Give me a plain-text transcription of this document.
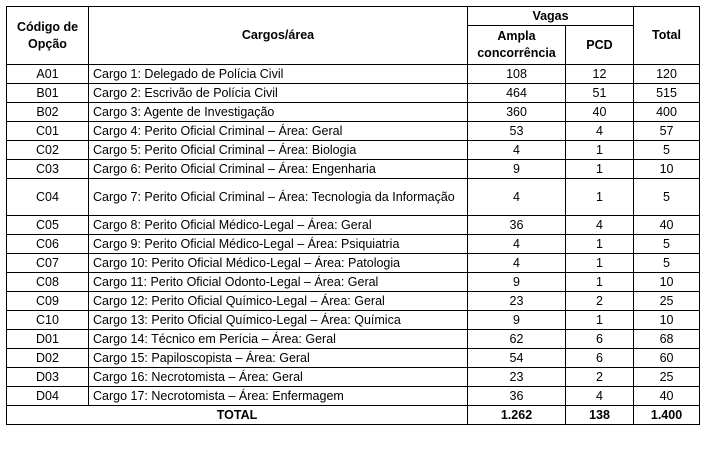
Código de Opção	Cargos/área	Vagas		Total
		Ampla concorrência	PCD	
A01	Cargo 1: Delegado de Polícia Civil	108	12	120
B01	Cargo 2: Escrivão de Polícia Civil	464	51	515
B02	Cargo 3: Agente de Investigação	360	40	400
C01	Cargo 4: Perito Oficial Criminal – Área: Geral	53	4	57
C02	Cargo 5: Perito Oficial Criminal – Área: Biologia	4	1	5
C03	Cargo 6: Perito Oficial Criminal – Área: Engenharia	9	1	10
C04	Cargo 7: Perito Oficial Criminal – Área: Tecnologia da Informação	4	1	5
C05	Cargo 8: Perito Oficial Médico-Legal – Área: Geral	36	4	40
C06	Cargo 9: Perito Oficial Médico-Legal – Área: Psiquiatria	4	1	5
C07	Cargo 10: Perito Oficial Médico-Legal – Área: Patologia	4	1	5
C08	Cargo 11: Perito Oficial Odonto-Legal – Área: Geral	9	1	10
C09	Cargo 12: Perito Oficial Químico-Legal – Área: Geral	23	2	25
C10	Cargo 13: Perito Oficial Químico-Legal – Área: Química	9	1	10
D01	Cargo 14: Técnico em Perícia – Área: Geral	62	6	68
D02	Cargo 15: Papiloscopista – Área: Geral	54	6	60
D03	Cargo 16: Necrotomista – Área: Geral	23	2	25
D04	Cargo 17: Necrotomista – Área: Enfermagem	36	4	40
TOTAL		1.262	138	1.400
